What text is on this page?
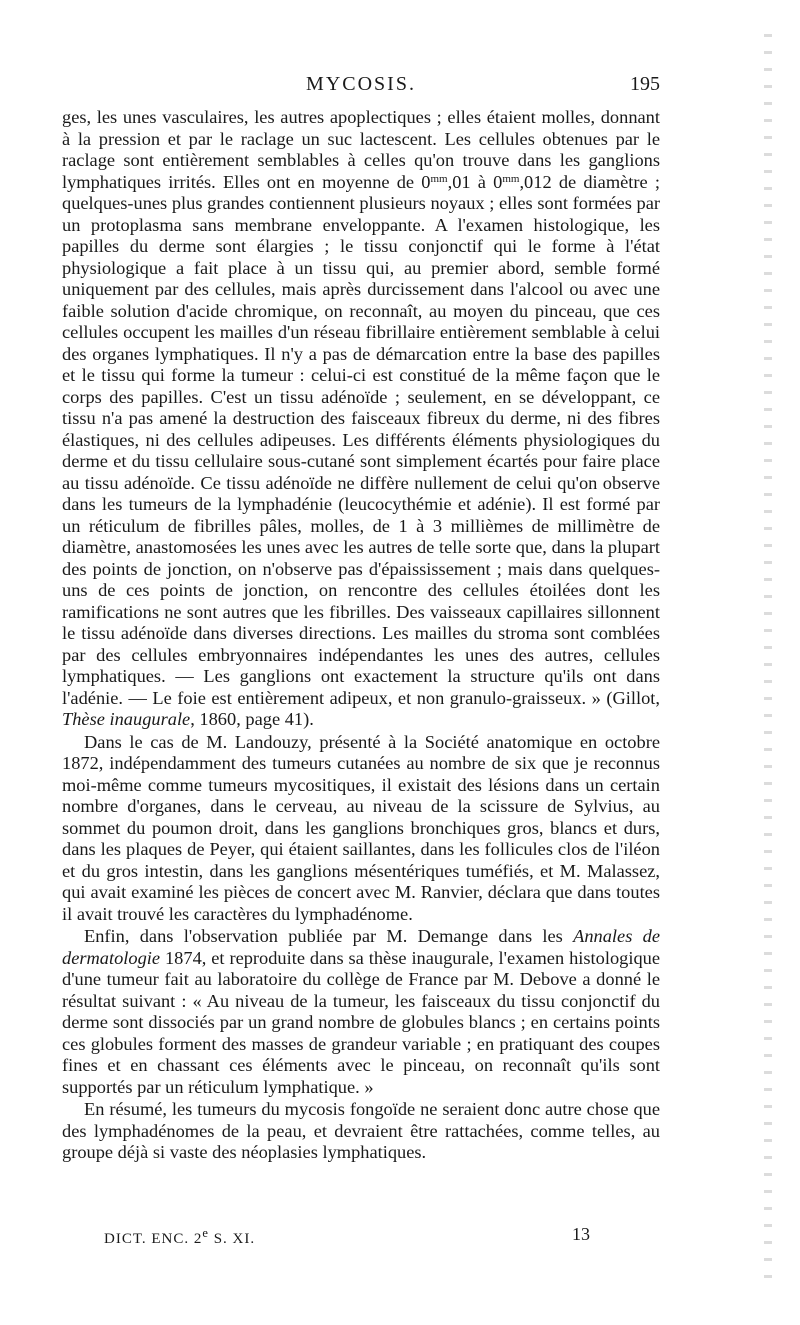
MYCOSIS.	195

ges, les unes vasculaires, les autres apoplectiques ; elles étaient molles, donnant à la pression et par le raclage un suc lactescent. Les cellules obtenues par le raclage sont entièrement semblables à celles qu'on trouve dans les ganglions lymphatiques irrités. Elles ont en moyenne de $0^{mm},01$ à $0^{mm},012$ de diamètre ; quelques-unes plus grandes contiennent plusieurs noyaux ; elles sont formées par un protoplasma sans membrane enveloppante. A l'examen histologique, les papilles du derme sont élargies ; le tissu conjonctif qui le forme à l'état physiologique a fait place à un tissu qui, au premier abord, semble formé uniquement par des cellules, mais après durcissement dans l'alcool ou avec une faible solution d'acide chromique, on reconnaît, au moyen du pinceau, que ces cellules occupent les mailles d'un réseau fibrillaire entièrement semblable à celui des organes lymphatiques. Il n'y a pas de démarcation entre la base des papilles et le tissu qui forme la tumeur : celui-ci est constitué de la même façon que le corps des papilles. C'est un tissu adénoïde ; seulement, en se développant, ce tissu n'a pas amené la destruction des faisceaux fibreux du derme, ni des fibres élastiques, ni des cellules adipeuses. Les différents éléments physiologiques du derme et du tissu cellulaire sous-cutané sont simplement écartés pour faire place au tissu adénoïde. Ce tissu adénoïde ne diffère nullement de celui qu'on observe dans les tumeurs de la lymphadénie (leucocythémie et adénie). Il est formé par un réticulum de fibrilles pâles, molles, de 1 à 3 millièmes de millimètre de diamètre, anastomosées les unes avec les autres de telle sorte que, dans la plupart des points de jonction, on n'observe pas d'épaississement ; mais dans quelques-uns de ces points de jonction, on rencontre des cellules étoilées dont les ramifications ne sont autres que les fibrilles. Des vaisseaux capillaires sillonnent le tissu adénoïde dans diverses directions. Les mailles du stroma sont comblées par des cellules embryonnaires indépendantes les unes des autres, cellules lymphatiques. — Les ganglions ont exactement la structure qu'ils ont dans l'adénie. — Le foie est entièrement adipeux, et non granulo-graisseux. » (Gillot, Thèse inaugurale, 1860, page 41).

Dans le cas de M. Landouzy, présenté à la Société anatomique en octobre 1872, indépendamment des tumeurs cutanées au nombre de six que je reconnus moi-même comme tumeurs mycositiques, il existait des lésions dans un certain nombre d'organes, dans le cerveau, au niveau de la scissure de Sylvius, au sommet du poumon droit, dans les ganglions bronchiques gros, blancs et durs, dans les plaques de Peyer, qui étaient saillantes, dans les follicules clos de l'iléon et du gros intestin, dans les ganglions mésentériques tuméfiés, et M. Malassez, qui avait examiné les pièces de concert avec M. Ranvier, déclara que dans toutes il avait trouvé les caractères du lymphadénome.

Enfin, dans l'observation publiée par M. Demange dans les Annales de dermatologie 1874, et reproduite dans sa thèse inaugurale, l'examen histologique d'une tumeur fait au laboratoire du collège de France par M. Debove a donné le résultat suivant : « Au niveau de la tumeur, les faisceaux du tissu conjonctif du derme sont dissociés par un grand nombre de globules blancs ; en certains points ces globules forment des masses de grandeur variable ; en pratiquant des coupes fines et en chassant ces éléments avec le pinceau, on reconnaît qu'ils sont supportés par un réticulum lymphatique. »

En résumé, les tumeurs du mycosis fongoïde ne seraient donc autre chose que des lymphadénomes de la peau, et devraient être rattachées, comme telles, au groupe déjà si vaste des néoplasies lymphatiques.

DICT. ENC. 2e S. XI.	13
